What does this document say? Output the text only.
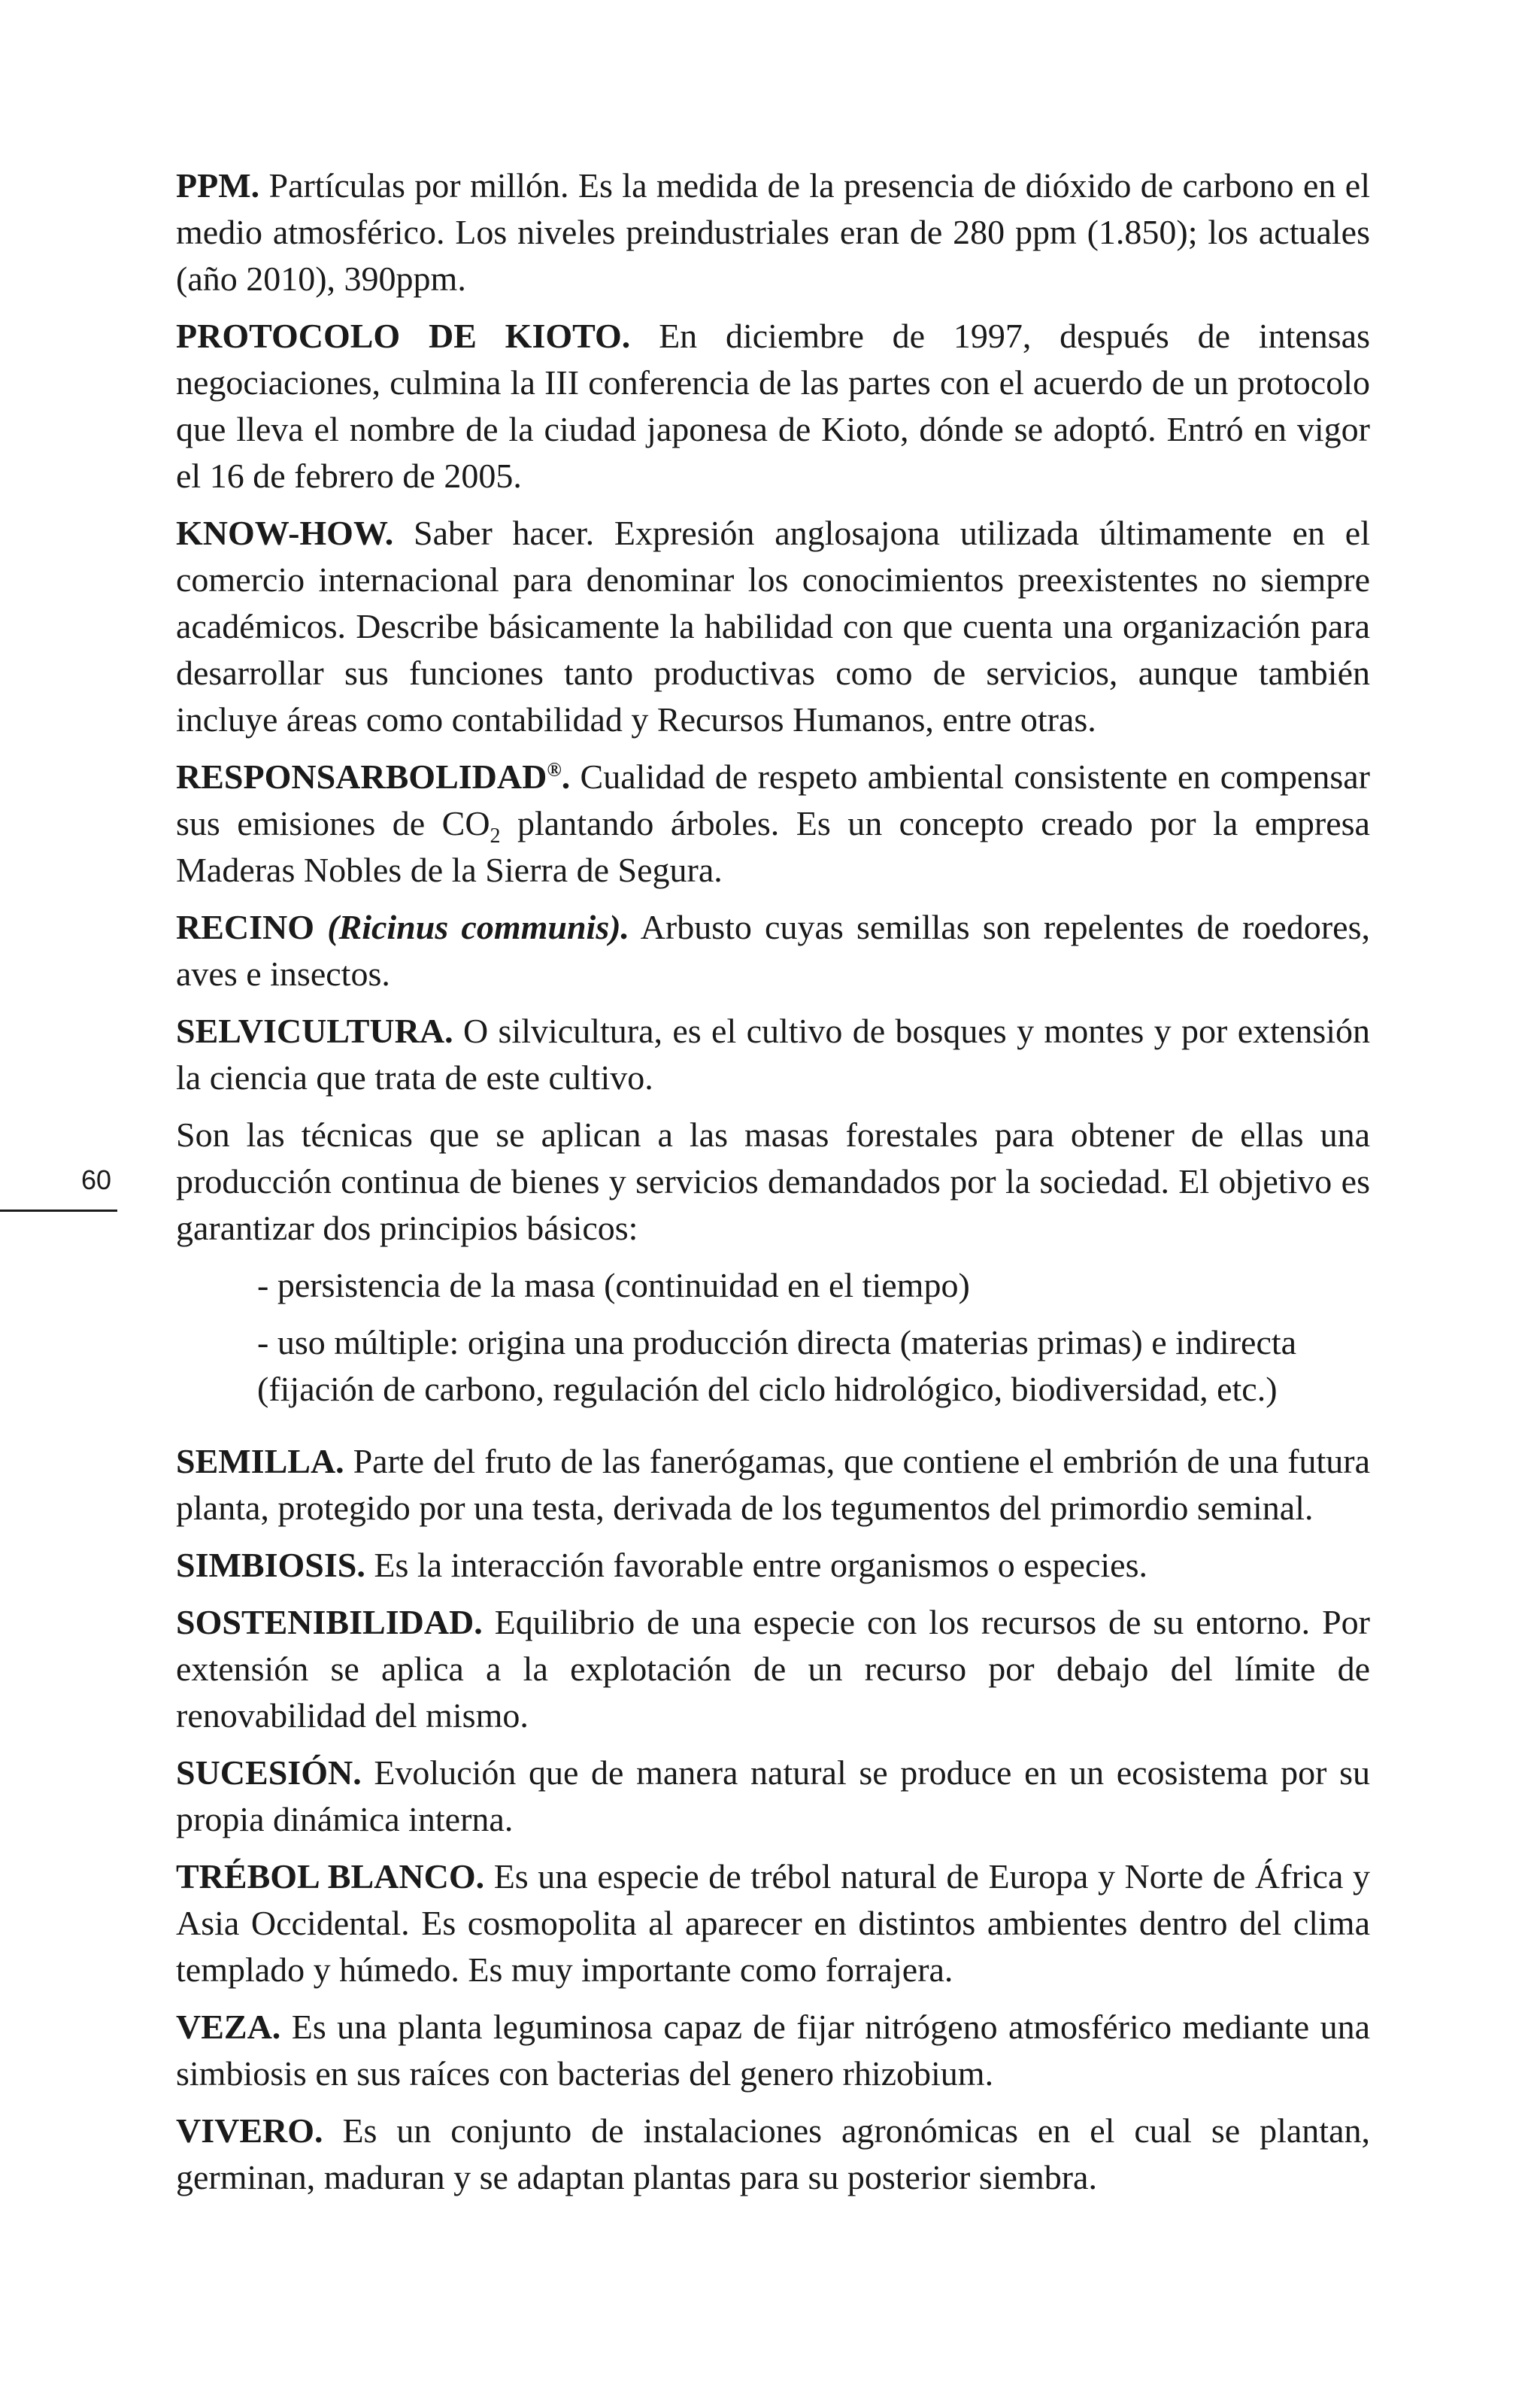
PPM. Partículas por millón. Es la medida de la presencia de dióxido de carbono en el medio atmosférico. Los niveles preindustriales eran de 280 ppm (1.850); los actuales (año 2010), 390ppm.

PROTOCOLO DE KIOTO. En diciembre de 1997, después de intensas negociaciones, culmina la III conferencia de las partes con el acuerdo de un protocolo que lleva el nombre de la ciudad japonesa de Kioto, dónde se adoptó. Entró en vigor el 16 de febrero de 2005.

KNOW-HOW. Saber hacer. Expresión anglosajona utilizada últimamente en el comercio internacional para denominar los conocimientos preexistentes no siempre académicos. Describe básicamente la habilidad con que cuenta una organización para desarrollar sus funciones tanto productivas como de servicios, aunque también incluye áreas como contabilidad y Recursos Humanos, entre otras.

RESPONSARBOLIDAD®. Cualidad de respeto ambiental consistente en compensar sus emisiones de $CO_2$ plantando árboles. Es un concepto creado por la empresa Maderas Nobles de la Sierra de Segura.

RECINO (Ricinus communis). Arbusto cuyas semillas son repelentes de roedores, aves e insectos.

SELVICULTURA. O silvicultura, es el cultivo de bosques y montes y por extensión la ciencia que trata de este cultivo.

Son las técnicas que se aplican a las masas forestales para obtener de ellas una producción continua de bienes y servicios demandados por la sociedad. El objetivo es garantizar dos principios básicos:

- persistencia de la masa (continuidad en el tiempo)

- uso múltiple: origina una producción directa (materias primas) e indirecta (fijación de carbono, regulación del ciclo hidrológico, biodiversidad, etc.)

SEMILLA. Parte del fruto de las fanerógamas, que contiene el embrión de una futura planta, protegido por una testa, derivada de los tegumentos del primordio seminal.

SIMBIOSIS. Es la interacción favorable entre organismos o especies.

SOSTENIBILIDAD. Equilibrio de una especie con los recursos de su entorno. Por extensión se aplica a la explotación de un recurso por debajo del límite de renovabilidad del mismo.

SUCESIÓN. Evolución que de manera natural se produce en un ecosistema por su propia dinámica interna.

TRÉBOL BLANCO. Es una especie de trébol natural de Europa y Norte de África y Asia Occidental. Es cosmopolita al aparecer en distintos ambientes dentro del clima templado y húmedo. Es muy importante como forrajera.

VEZA. Es una planta leguminosa capaz de fijar nitrógeno atmosférico mediante una simbiosis en sus raíces con bacterias del genero rhizobium.

VIVERO. Es un conjunto de instalaciones agronómicas en el cual se plantan, germinan, maduran y se adaptan plantas para su posterior siembra.

60
